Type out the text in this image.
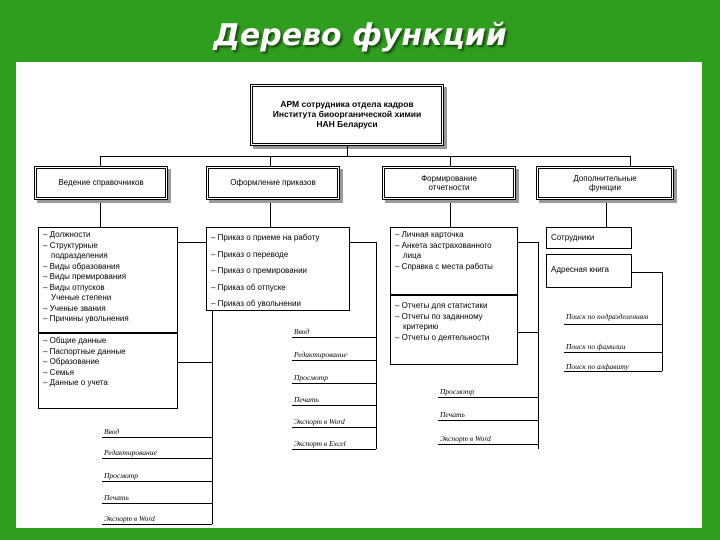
Дерево функций
АРМ сотрудника отдела кадров Института биоорганической химии НАН Беларуси
Ведение справочников	Оформление приказов
Формирование отчетности
Дополнительные функции
– Должности
– Структурные
подразделения
– Виды образования
– Виды премирования
– Виды отпусков
Ученые степени
– Ученые звания
– Причины увольнения
– Общие данные
– Паспортные данные
– Образование
– Семья
– Данные о учета
Ввод
Редактирование
Просмотр
Печать
Экспорт в Word
– Приказ о приеме на работу
– Приказ о переводе
– Приказ о премировании
– Приказ об отпуске
– Приказ об увольнении
Ввод
Редактирование
Просмотр
Печать
Экспорт в Word
Экспорт в Excel
– Личная карточка
– Анкета застрахованного
лица
– Справка с места работы
– Отчеты для статистики
– Отчеты по заданному
критерию
– Отчеты о деятельности
Просмотр
Печать
Экспорт в Word
Сотрудники
Адресная книга
Поиск по подразделениям
Поиск по фамилии
Поиск по алфавиту
